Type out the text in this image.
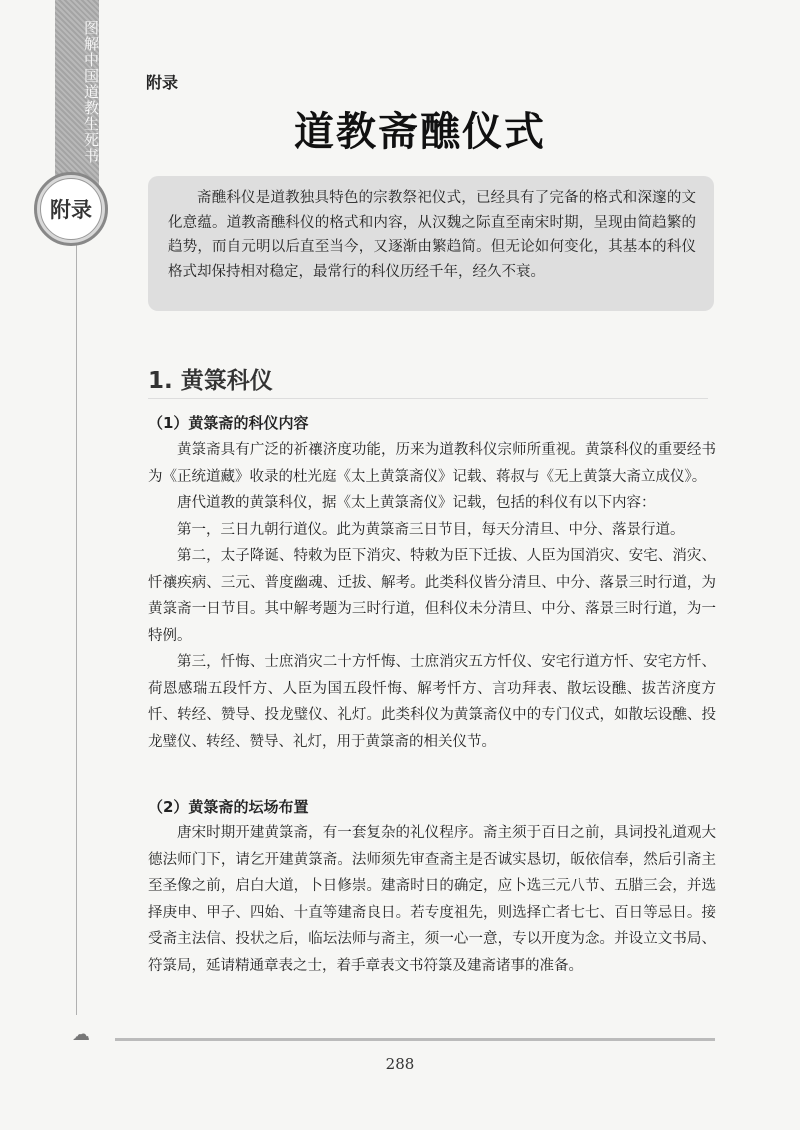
图解中国道教生死书
附录
附录
道教斋醮仪式

斋醮科仪是道教独具特色的宗教祭祀仪式，已经具有了完备的格式和深邃的文化意蕴。道教斋醮科仪的格式和内容，从汉魏之际直至南宋时期，呈现由简趋繁的趋势，而自元明以后直至当今，又逐渐由繁趋简。但无论如何变化，其基本的科仪格式却保持相对稳定，最常行的科仪历经千年，经久不衰。

1. 黄箓科仪
（1）黄箓斋的科仪内容

黄箓斋具有广泛的祈禳济度功能，历来为道教科仪宗师所重视。黄箓科仪的重要经书为《正统道藏》收录的杜光庭《太上黄箓斋仪》记载、蒋叔与《无上黄箓大斋立成仪》。

唐代道教的黄箓科仪，据《太上黄箓斋仪》记载，包括的科仪有以下内容：

第一，三日九朝行道仪。此为黄箓斋三日节目，每天分清旦、中分、落景行道。

第二，太子降诞、特敕为臣下消灾、特敕为臣下迁拔、人臣为国消灾、安宅、消灾、忏禳疾病、三元、普度幽魂、迁拔、解考。此类科仪皆分清旦、中分、落景三时行道，为黄箓斋一日节目。其中解考题为三时行道，但科仪未分清旦、中分、落景三时行道，为一特例。

第三，忏悔、士庶消灾二十方忏悔、士庶消灾五方忏仪、安宅行道方忏、安宅方忏、荷恩感瑞五段忏方、人臣为国五段忏悔、解考忏方、言功拜表、散坛设醮、拔苦济度方忏、转经、赞导、投龙璧仪、礼灯。此类科仪为黄箓斋仪中的专门仪式，如散坛设醮、投龙璧仪、转经、赞导、礼灯，用于黄箓斋的相关仪节。

（2）黄箓斋的坛场布置

唐宋时期开建黄箓斋，有一套复杂的礼仪程序。斋主须于百日之前，具词投礼道观大德法师门下，请乞开建黄箓斋。法师须先审查斋主是否诚实恳切，皈依信奉，然后引斋主至圣像之前，启白大道，卜日修崇。建斋时日的确定，应卜选三元八节、五腊三会，并选择庚申、甲子、四始、十直等建斋良日。若专度祖先，则选择亡者七七、百日等忌日。接受斋主法信、投状之后，临坛法师与斋主，须一心一意，专以开度为念。并设立文书局、符箓局，延请精通章表之士，着手章表文书符箓及建斋诸事的准备。

☁
288
